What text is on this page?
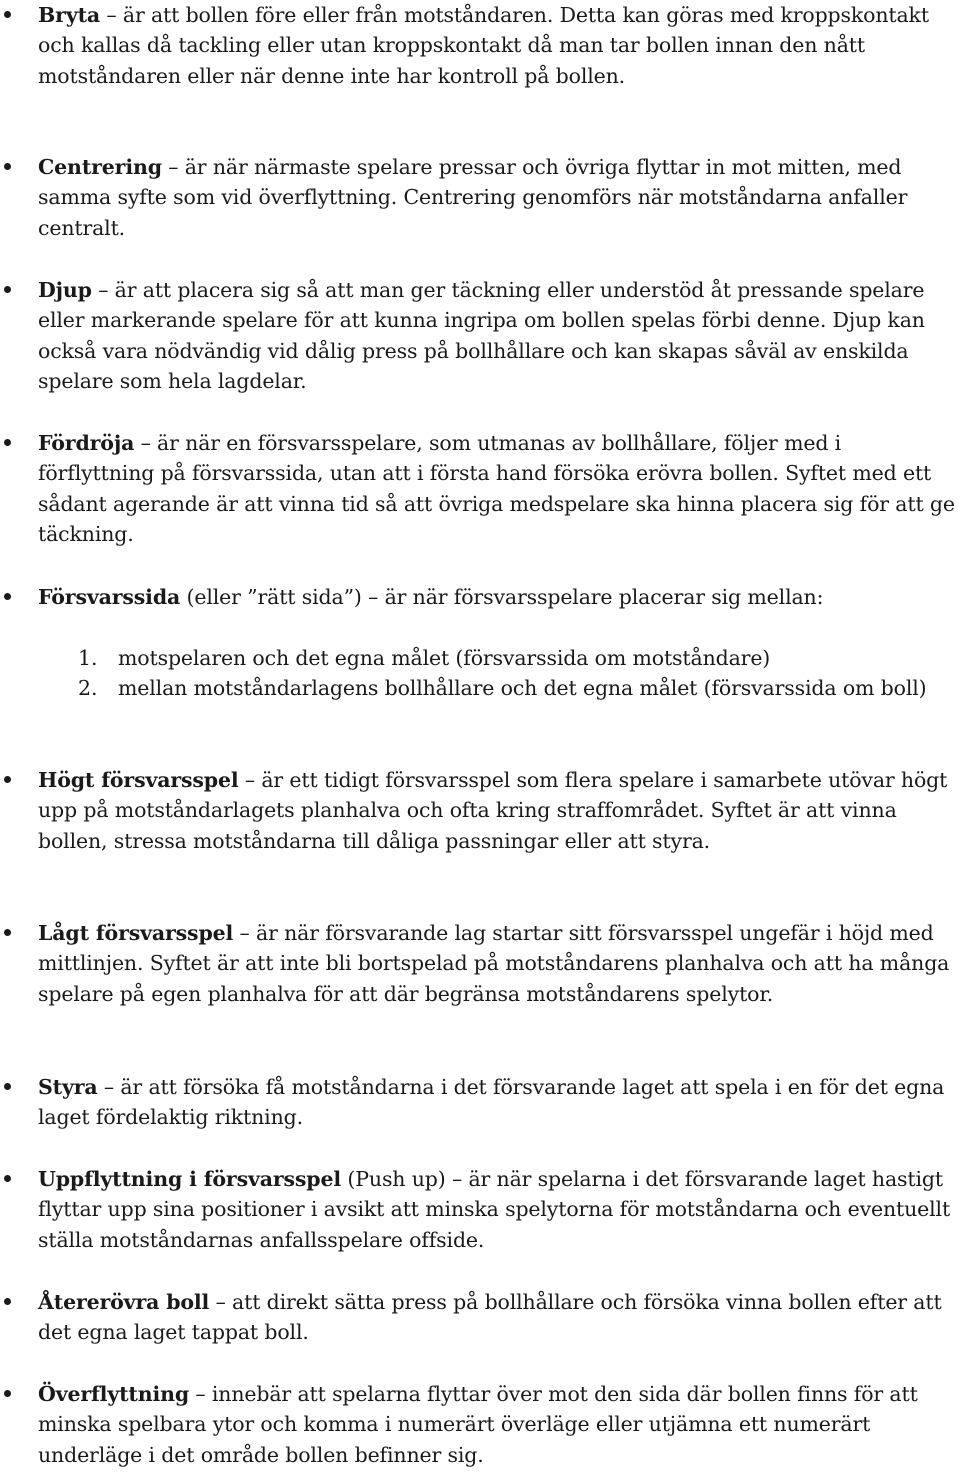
Bryta – är att bollen före eller från motståndaren. Detta kan göras med kroppskontakt och kallas då tackling eller utan kroppskontakt då man tar bollen innan den nått motståndaren eller när denne inte har kontroll på bollen.
Centrering – är när närmaste spelare pressar och övriga flyttar in mot mitten, med samma syfte som vid överflyttning. Centrering genomförs när motståndarna anfaller centralt.
Djup – är att placera sig så att man ger täckning eller understöd åt pressande spelare eller markerande spelare för att kunna ingripa om bollen spelas förbi denne. Djup kan också vara nödvändig vid dålig press på bollhållare och kan skapas såväl av enskilda spelare som hela lagdelar.
Fördröja – är när en försvarsspelare, som utmanas av bollhållare, följer med i förflyttning på försvarssida, utan att i första hand försöka erövra bollen. Syftet med ett sådant agerande är att vinna tid så att övriga medspelare ska hinna placera sig för att ge täckning.
Försvarssida (eller ”rätt sida”) – är när försvarsspelare placerar sig mellan:
1. motspelaren och det egna målet (försvarssida om motståndare)
2. mellan motståndarlagens bollhållare och det egna målet (försvarssida om boll)
Högt försvarsspel – är ett tidigt försvarsspel som flera spelare i samarbete utövar högt upp på motståndarlagets planhalva och ofta kring straffområdet. Syftet är att vinna bollen, stressa motståndarna till dåliga passningar eller att styra.
Lågt försvarsspel – är när försvarande lag startar sitt försvarsspel ungefär i höjd med mittlinjen. Syftet är att inte bli bortspelad på motståndarens planhalva och att ha många spelare på egen planhalva för att där begränsa motståndarens spelytor.
Styra – är att försöka få motståndarna i det försvarande laget att spela i en för det egna laget fördelaktig riktning.
Uppflyttning i försvarsspel (Push up) – är när spelarna i det försvarande laget hastigt flyttar upp sina positioner i avsikt att minska spelytorna för motståndarna och eventuellt ställa motståndarnas anfallsspelare offside.
Återerövra boll – att direkt sätta press på bollhållare och försöka vinna bollen efter att det egna laget tappat boll.
Överflyttning – innebär att spelarna flyttar över mot den sida där bollen finns för att minska spelbara ytor och komma i numerärt överläge eller utjämna ett numerärt underläge i det område bollen befinner sig.
